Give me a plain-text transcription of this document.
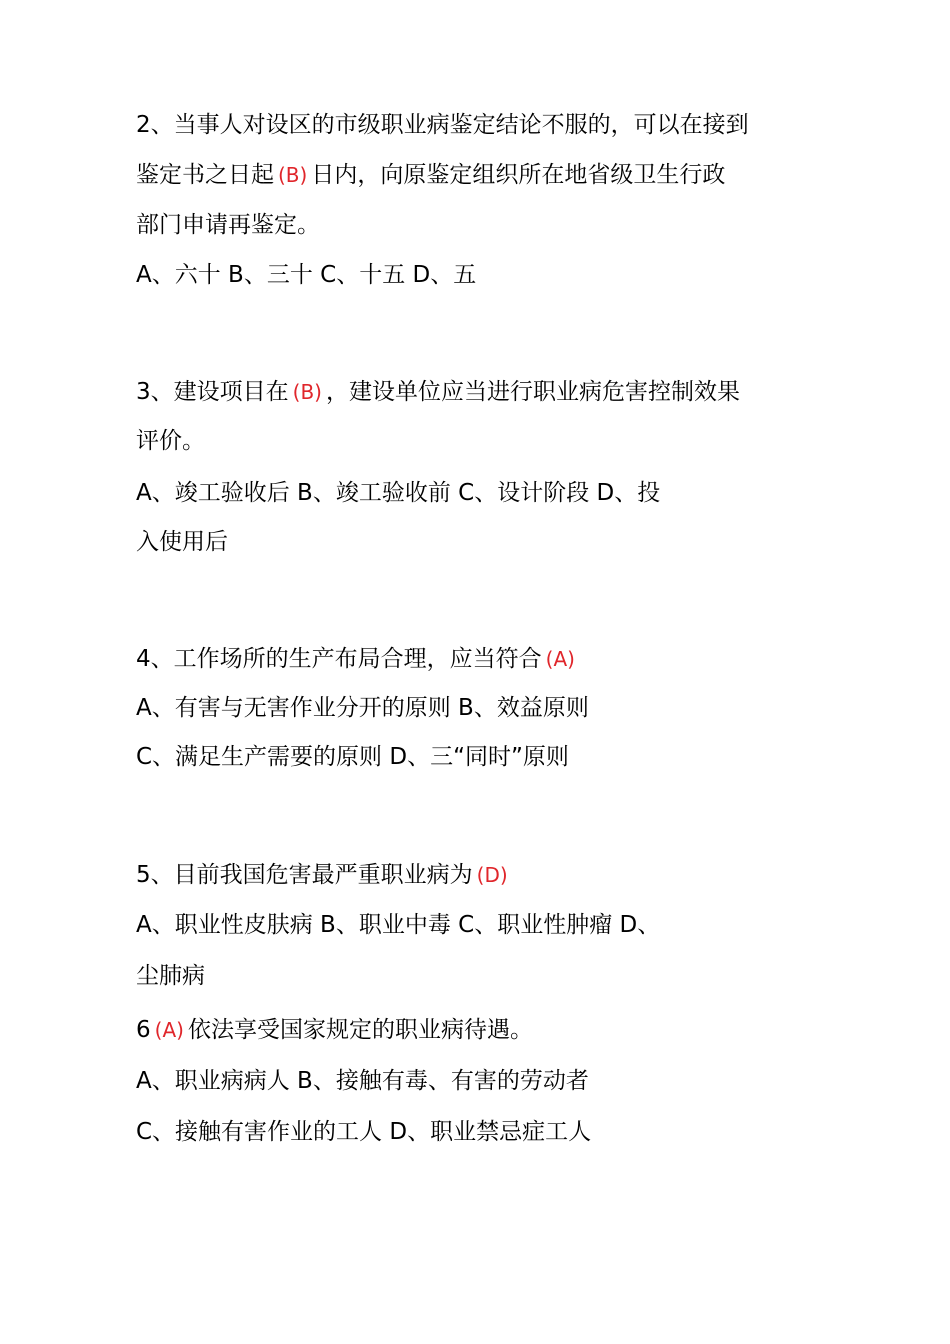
2、当事人对设区的市级职业病鉴定结论不服的，可以在接到
鉴定书之日起 (B) 日内，向原鉴定组织所在地省级卫生行政
部门申请再鉴定。
A、六十 B、三十 C、十五 D、五
3、建设项目在 (B) ，建设单位应当进行职业病危害控制效果
评价。
A、竣工验收后 B、竣工验收前 C、设计阶段 D、投
入使用后
4、工作场所的生产布局合理，应当符合 (A)
A、有害与无害作业分开的原则 B、效益原则
C、满足生产需要的原则 D、三“同时”原则
5、目前我国危害最严重职业病为 (D)
A、职业性皮肤病 B、职业中毒 C、职业性肿瘤 D、
尘肺病
6 (A) 依法享受国家规定的职业病待遇。
A、职业病病人 B、接触有毒、有害的劳动者
C、接触有害作业的工人 D、职业禁忌症工人
